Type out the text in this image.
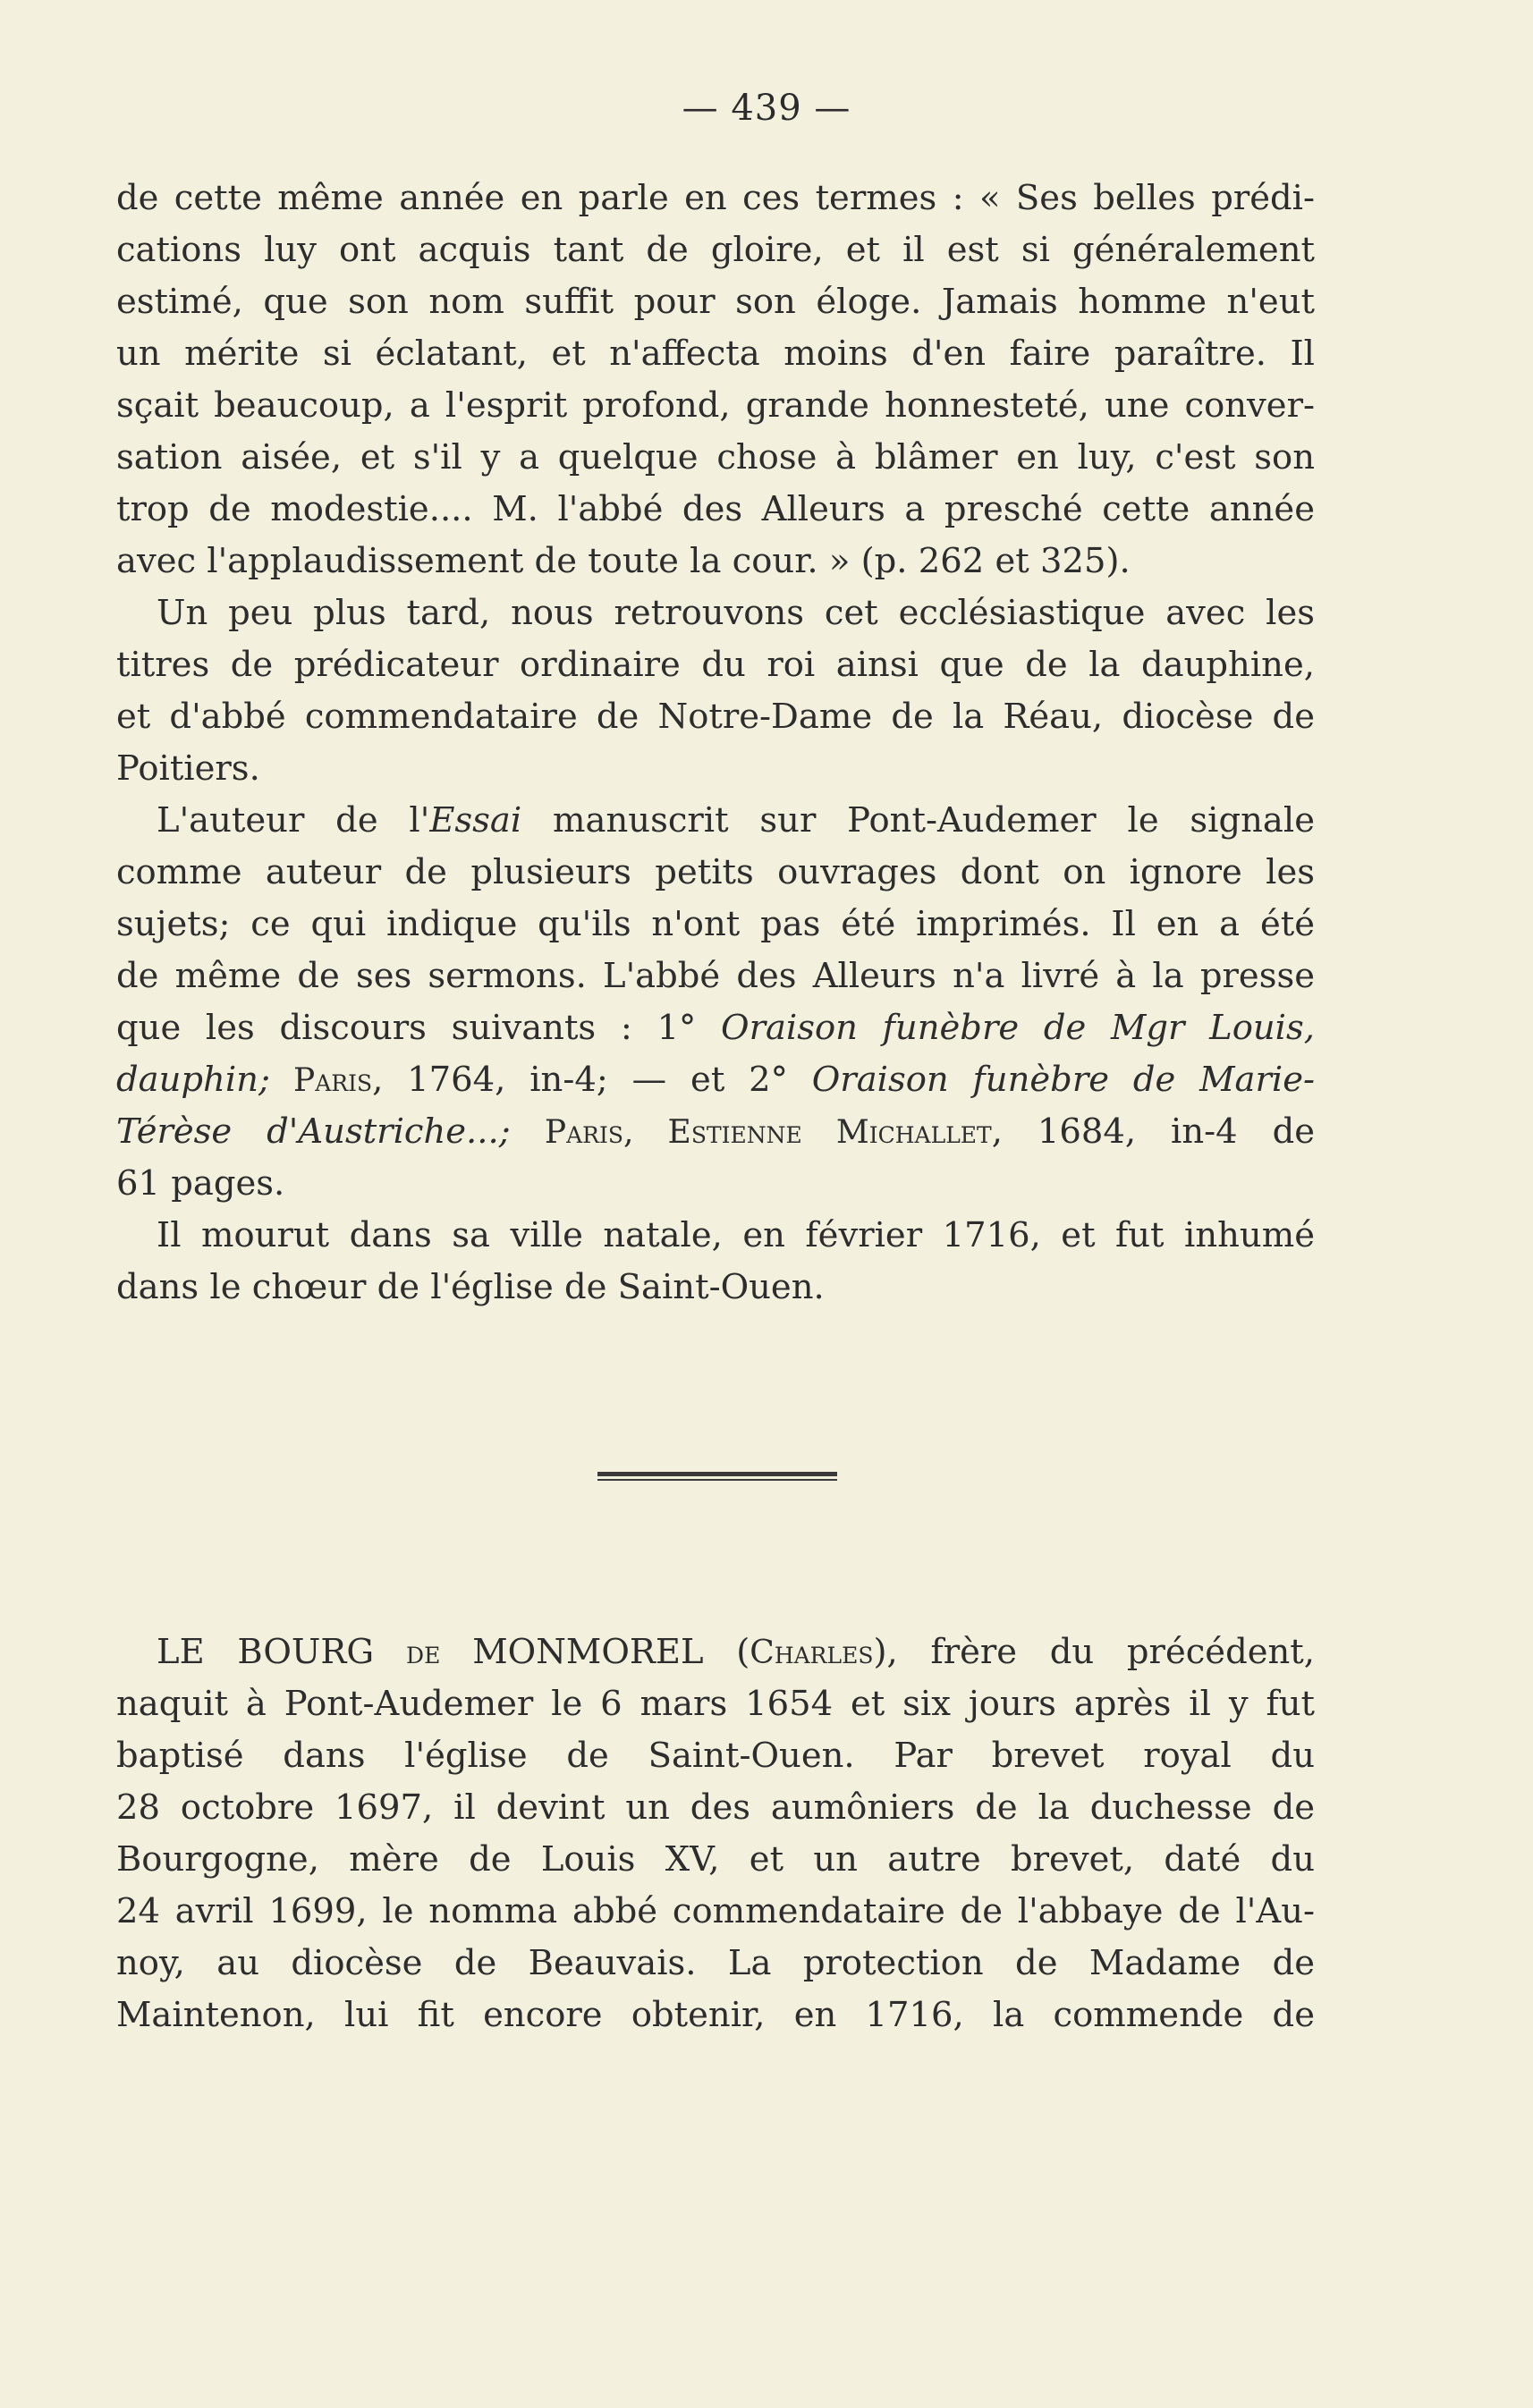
— 439 —
de cette même année en parle en ces termes : « Ses belles prédi-
cations luy ont acquis tant de gloire, et il est si généralement
estimé, que son nom suffit pour son éloge. Jamais homme n'eut
un mérite si éclatant, et n'affecta moins d'en faire paraître. Il
sçait beaucoup, a l'esprit profond, grande honnesteté, une conver-
sation aisée, et s'il y a quelque chose à blâmer en luy, c'est son
trop de modestie.... M. l'abbé des Alleurs a presché cette année
avec l'applaudissement de toute la cour. » (p. 262 et 325).
Un peu plus tard, nous retrouvons cet ecclésiastique avec les
titres de prédicateur ordinaire du roi ainsi que de la dauphine,
et d'abbé commendataire de Notre-Dame de la Réau, diocèse de
Poitiers.
L'auteur de l'Essai manuscrit sur Pont-Audemer le signale
comme auteur de plusieurs petits ouvrages dont on ignore les
sujets; ce qui indique qu'ils n'ont pas été imprimés. Il en a été
de même de ses sermons. L'abbé des Alleurs n'a livré à la presse
que les discours suivants : 1° Oraison funèbre de Mgr Louis,
dauphin; Paris, 1764, in-4; — et 2° Oraison funèbre de Marie-
Térèse d'Austriche...; Paris, Estienne Michallet, 1684, in-4 de
61 pages.
Il mourut dans sa ville natale, en février 1716, et fut inhumé
dans le chœur de l'église de Saint-Ouen.
LE BOURG de MONMOREL (Charles), frère du précédent,
naquit à Pont-Audemer le 6 mars 1654 et six jours après il y fut
baptisé dans l'église de Saint-Ouen. Par brevet royal du
28 octobre 1697, il devint un des aumôniers de la duchesse de
Bourgogne, mère de Louis XV, et un autre brevet, daté du
24 avril 1699, le nomma abbé commendataire de l'abbaye de l'Au-
noy, au diocèse de Beauvais. La protection de Madame de
Maintenon, lui fit encore obtenir, en 1716, la commende de
